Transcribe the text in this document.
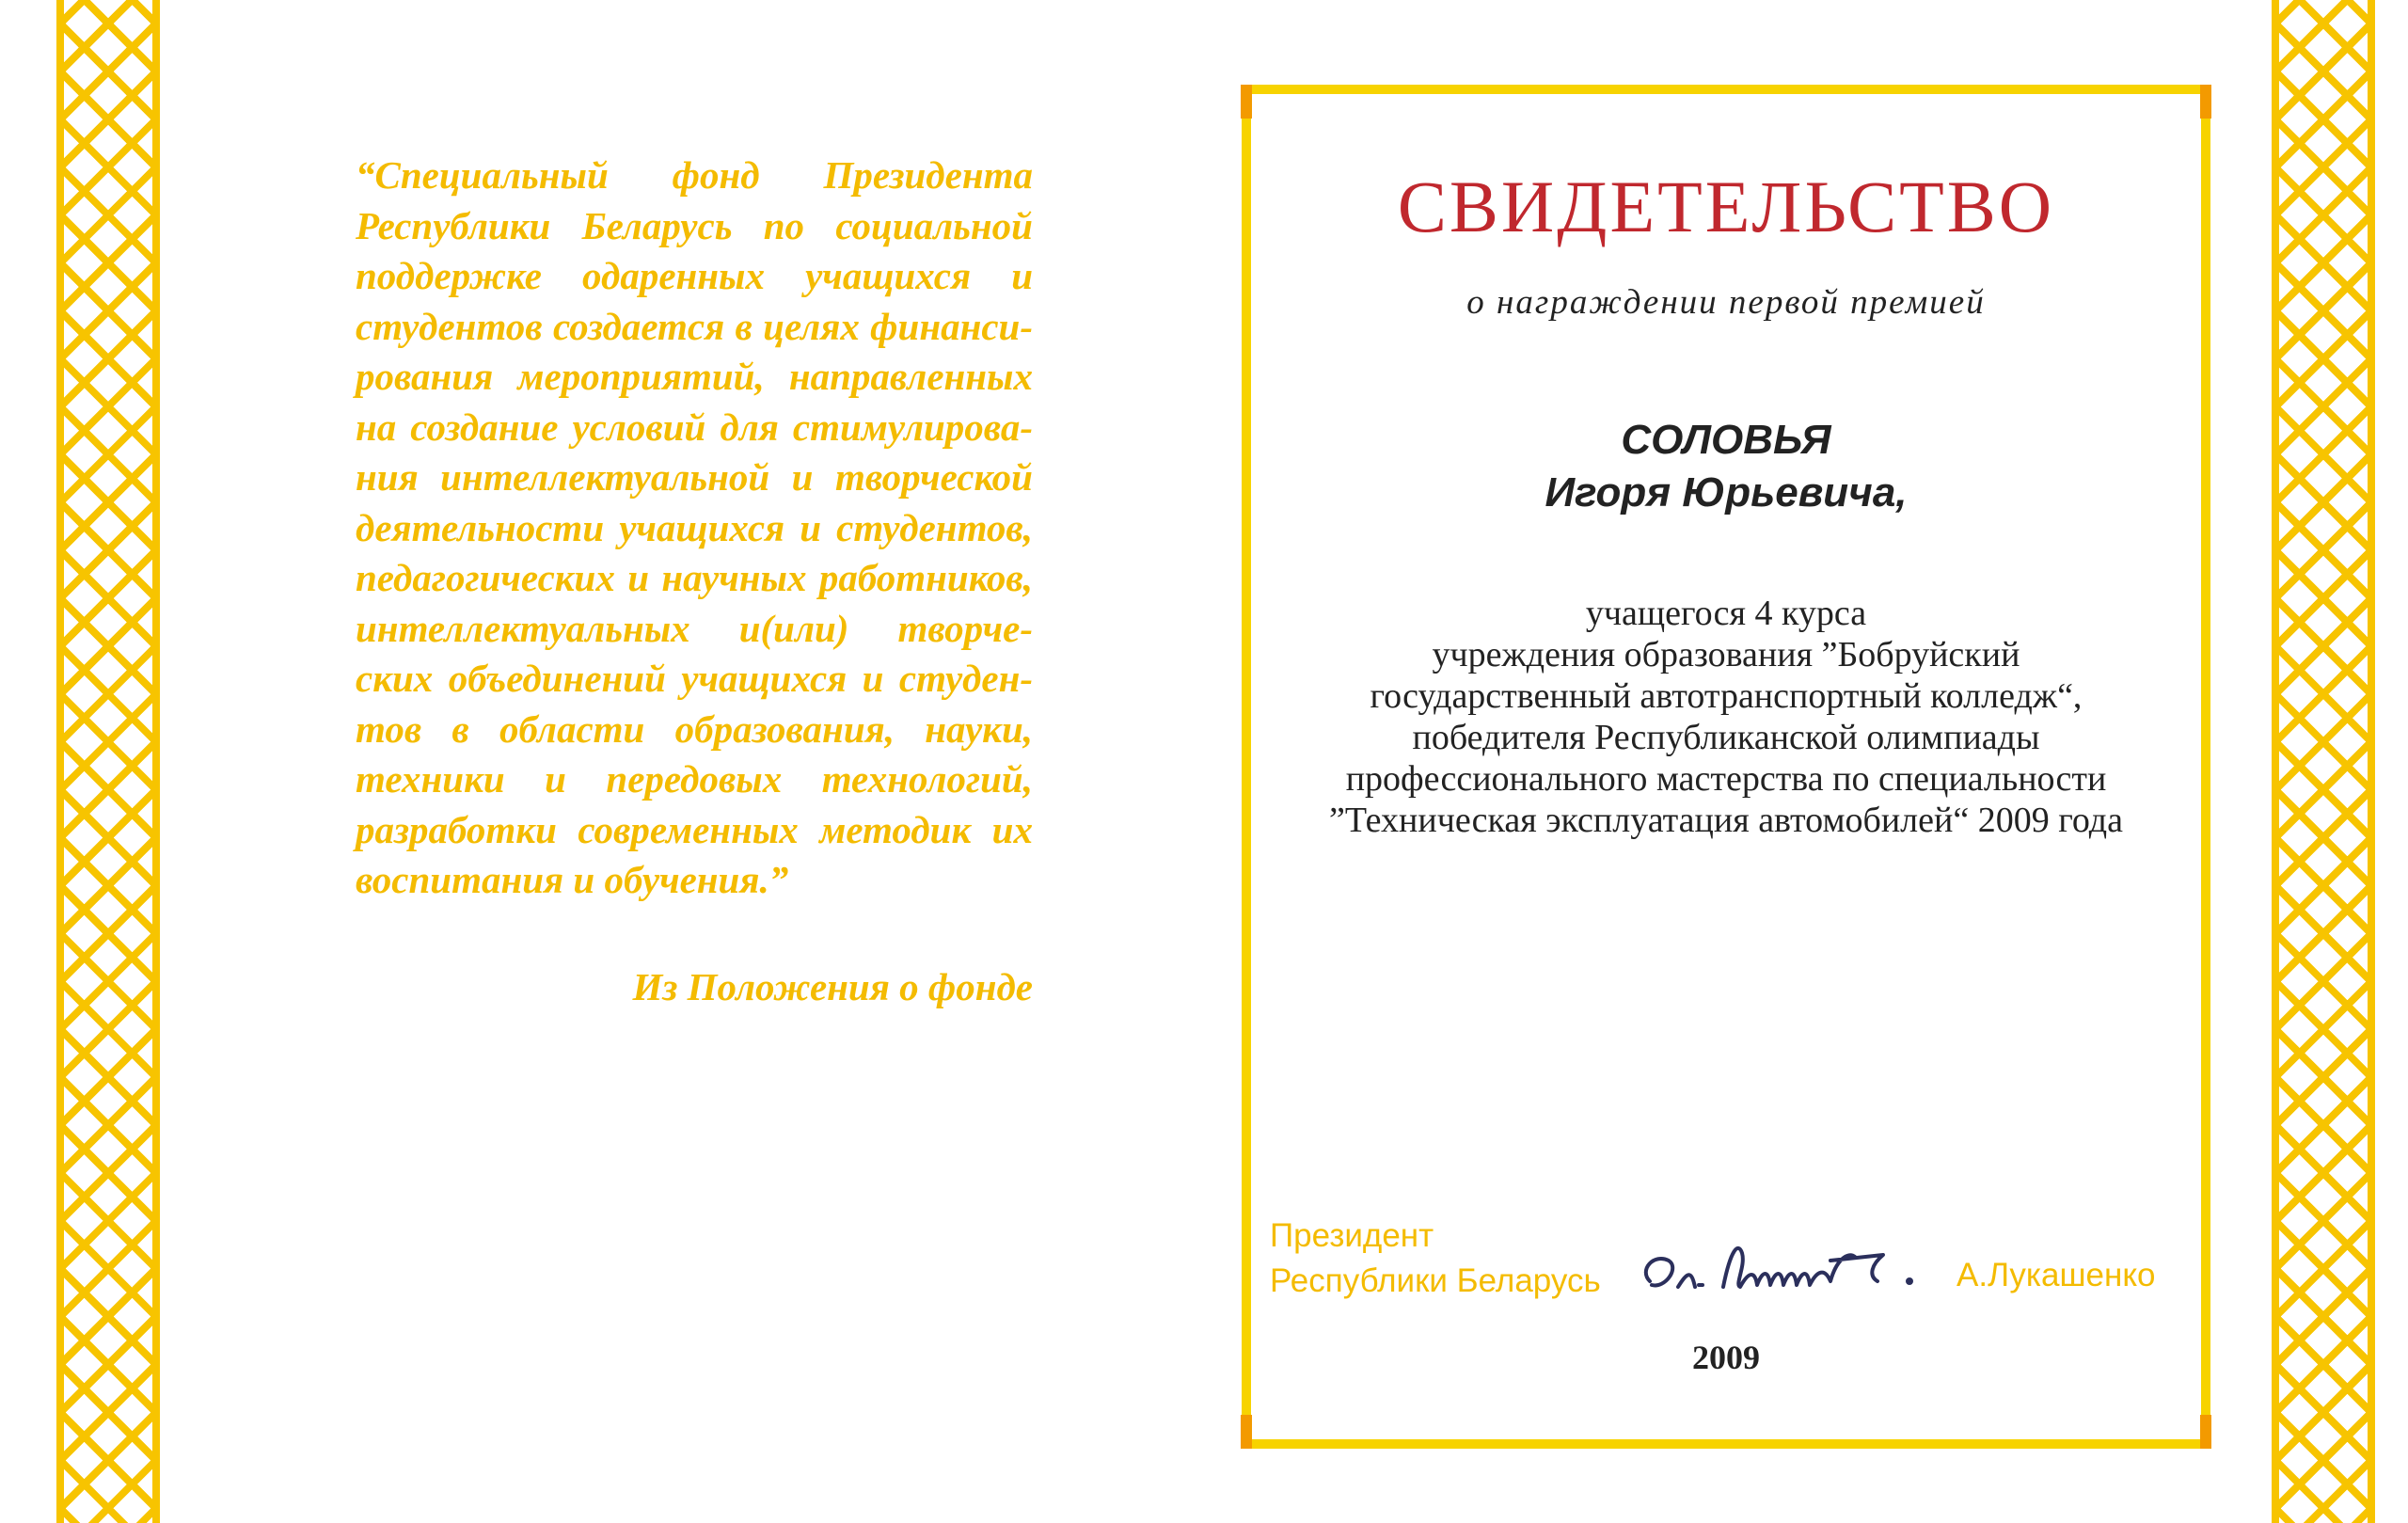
“Специальный фонд Президента
Республики Беларусь по социальной
поддержке одаренных учащихся и
студентов создается в целях финанси-
рования мероприятий, направленных
на создание условий для стимулирова-
ния интеллектуальной и творческой
деятельности учащихся и студентов,
педагогических и научных работников,
интеллектуальных и(или) творче-
ских объединений учащихся и студен-
тов в области образования, науки,
техники и передовых технологий,
разработки современных методик их
воспитания и обучения.”
Из Положения о фонде
СВИДЕТЕЛЬСТВО
о награждении первой премией
СОЛОВЬЯ
Игоря Юрьевича,
учащегося 4 курса
учреждения образования ”Бобруйский
государственный автотранспортный колледж“,
победителя Республиканской олимпиады
профессионального мастерства по специальности
”Техническая эксплуатация автомобилей“ 2009 года
Президент
Республики Беларусь	А.Лукашенко
2009
